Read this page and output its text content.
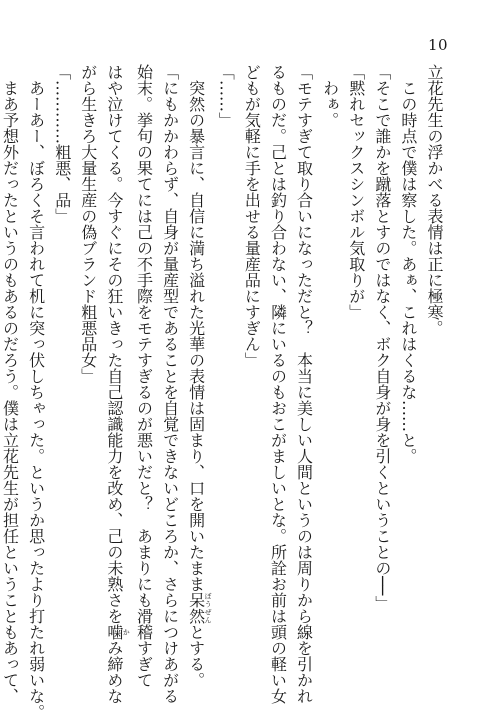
10
立花先生の浮かべる表情は正に極寒。
　この時点で僕は察した。あぁ、これはくるな……と。
「そこで誰かを蹴落とすのではなく、ボク自身が身を引くということの──」
「黙れセックスシンボル気取りが」
　わぁ。
「モテすぎて取り合いになっただと？　本当に美しい人間というのは周りから線を引かれ
るものだ。己とは釣り合わない、隣にいるのもおこがましいとな。所詮お前は頭の軽い女
どもが気軽に手を出せる量産品にすぎん」
「……」
　突然の暴言に、自信に満ち溢れた光華の表情は固まり、口を開いたまま呆然ぼうぜんとする。
「にもかかわらず、自身が量産型であることを自覚できないどころか、さらにつけあがる
始末。挙句の果てには己の不手際をモテすぎるのが悪いだと？　あまりにも滑稽すぎて
はや泣けてくる。今すぐにその狂いきった自己認識能力を改め、己の未熟さを噛かみ締めな
がら生きろ大量生産の偽ブランド粗悪品女」
「…………粗悪、品」
　あーあー、ぼろくそ言われて机に突っ伏しちゃった。というか思ったより打たれ弱いな。
　まあ予想外だったというのもあるのだろう。僕は立花先生が担任ということもあって、
